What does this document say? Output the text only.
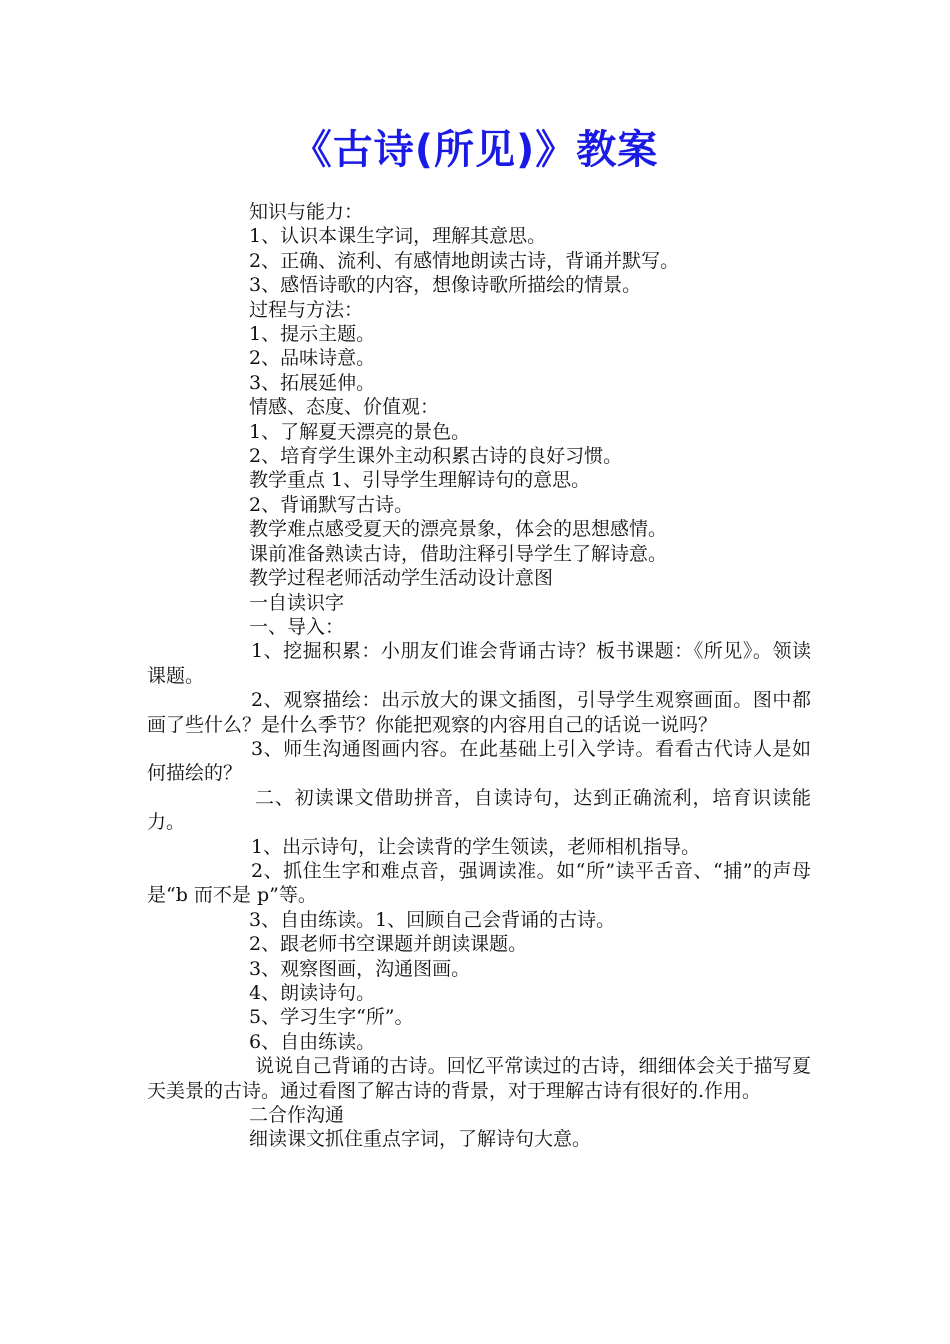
《古诗(所见)》教案

知识与能力：

1、认识本课生字词，理解其意思。

2、正确、流利、有感情地朗读古诗，背诵并默写。

3、感悟诗歌的内容，想像诗歌所描绘的情景。

过程与方法：

1、提示主题。

2、品味诗意。

3、拓展延伸。

情感、态度、价值观：

1、了解夏天漂亮的景色。

2、培育学生课外主动积累古诗的良好习惯。

教学重点 1、引导学生理解诗句的意思。

2、背诵默写古诗。

教学难点感受夏天的漂亮景象，体会的思想感情。

课前准备熟读古诗，借助注释引导学生了解诗意。

教学过程老师活动学生活动设计意图

一自读识字

一、导入：

1、挖掘积累：小朋友们谁会背诵古诗？板书课题：《所见》。领读课题。

2、观察描绘：出示放大的课文插图，引导学生观察画面。图中都画了些什么？是什么季节？你能把观察的内容用自己的话说一说吗？

3、师生沟通图画内容。在此基础上引入学诗。看看古代诗人是如何描绘的？

二、初读课文借助拼音，自读诗句，达到正确流利，培育识读能力。

1、出示诗句，让会读背的学生领读，老师相机指导。

2、抓住生字和难点音，强调读准。如“所”读平舌音、“捕”的声母是“b 而不是 p”等。

3、自由练读。1、回顾自己会背诵的古诗。

2、跟老师书空课题并朗读课题。

3、观察图画，沟通图画。

4、朗读诗句。

5、学习生字“所”。

6、自由练读。

说说自己背诵的古诗。回忆平常读过的古诗，细细体会关于描写夏天美景的古诗。通过看图了解古诗的背景，对于理解古诗有很好的.作用。

二合作沟通

细读课文抓住重点字词，了解诗句大意。
